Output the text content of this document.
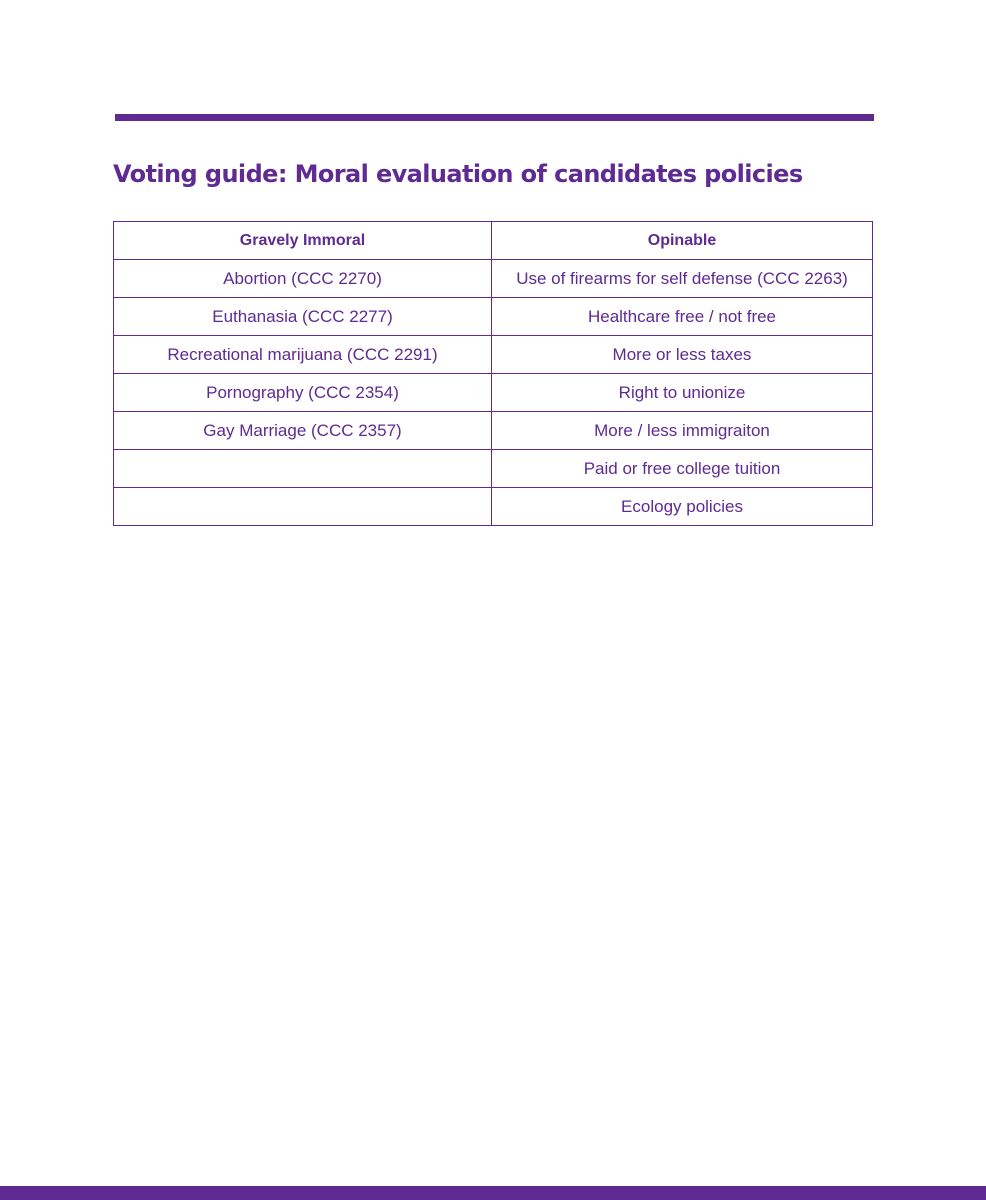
Voting guide: Moral evaluation of candidates policies
Gravely Immoral	Opinable
Abortion (CCC 2270)	Use of firearms for self defense (CCC 2263)
Euthanasia (CCC 2277)	Healthcare free / not free
Recreational marijuana (CCC 2291)	More or less taxes
Pornography (CCC 2354)	Right to unionize
Gay Marriage (CCC 2357)	More / less immigraiton
	Paid or free college tuition
	Ecology policies
